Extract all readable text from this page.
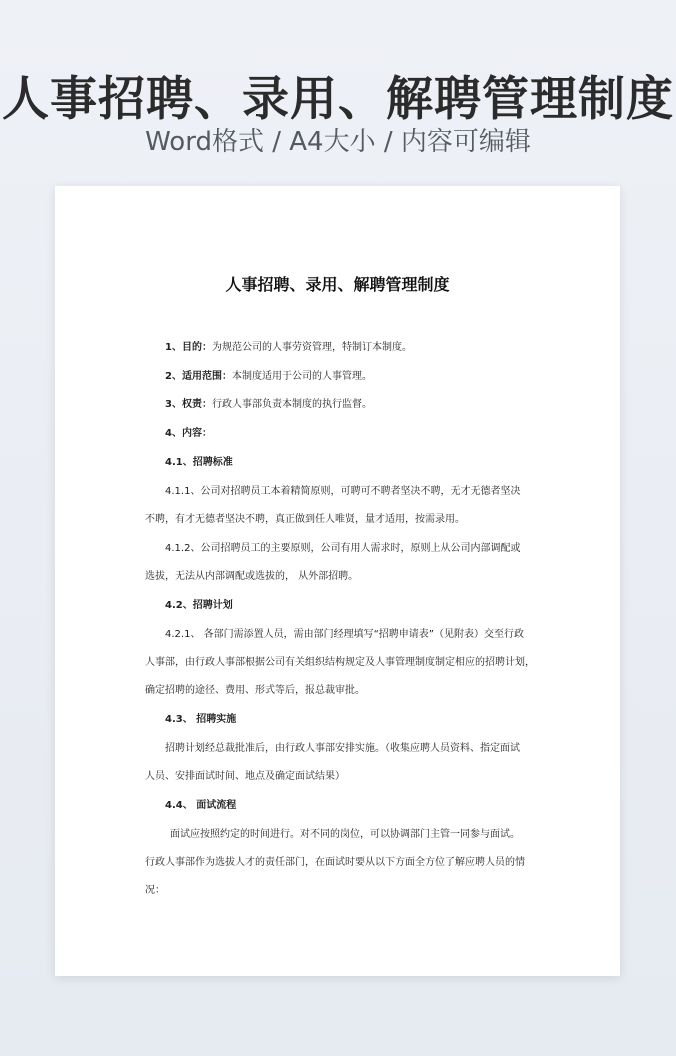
人事招聘、录用、解聘管理制度
Word格式 / A4大小 / 内容可编辑
人事招聘、录用、解聘管理制度
1、目的：为规范公司的人事劳资管理，特制订本制度。
2、适用范围：本制度适用于公司的人事管理。
3、权责：行政人事部负责本制度的执行监督。
4、内容：
4.1、招聘标准
4.1.1、公司对招聘员工本着精简原则，可聘可不聘者坚决不聘，无才无德者坚决
不聘，有才无德者坚决不聘，真正做到任人唯贤，量才适用，按需录用。
4.1.2、公司招聘员工的主要原则，公司有用人需求时，原则上从公司内部调配或
选拔，无法从内部调配或选拔的， 从外部招聘。
4.2、招聘计划
4.2.1、 各部门需添置人员，需由部门经理填写“招聘申请表”（见附表）交至行政
人事部，由行政人事部根据公司有关组织结构规定及人事管理制度制定相应的招聘计划，
确定招聘的途径、费用、形式等后，报总裁审批。
4.3、 招聘实施
招聘计划经总裁批准后，由行政人事部安排实施。（收集应聘人员资料、指定面试
人员、安排面试时间、地点及确定面试结果）
4.4、 面试流程
面试应按照约定的时间进行。对不同的岗位，可以协调部门主管一同参与面试。
行政人事部作为选拔人才的责任部门，在面试时要从以下方面全方位了解应聘人员的情
况：
